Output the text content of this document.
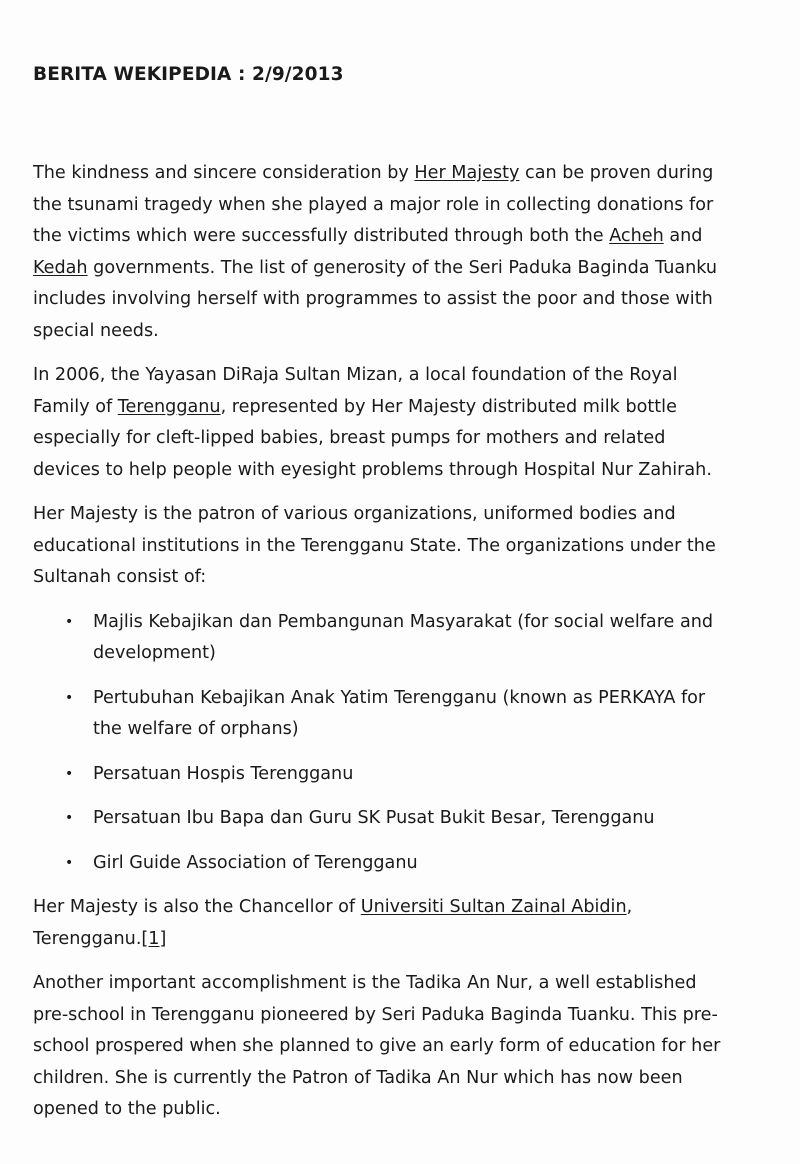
BERITA WEKIPEDIA : 2/9/2013

The kindness and sincere consideration by Her Majesty can be proven during the tsunami tragedy when she played a major role in collecting donations for the victims which were successfully distributed through both the Acheh and Kedah governments. The list of generosity of the Seri Paduka Baginda Tuanku includes involving herself with programmes to assist the poor and those with special needs.

In 2006, the Yayasan DiRaja Sultan Mizan, a local foundation of the Royal Family of Terengganu, represented by Her Majesty distributed milk bottle especially for cleft-lipped babies, breast pumps for mothers and related devices to help people with eyesight problems through Hospital Nur Zahirah.

Her Majesty is the patron of various organizations, uniformed bodies and educational institutions in the Terengganu State. The organizations under the Sultanah consist of:

• Majlis Kebajikan dan Pembangunan Masyarakat (for social welfare and development)
• Pertubuhan Kebajikan Anak Yatim Terengganu (known as PERKAYA for the welfare of orphans)
• Persatuan Hospis Terengganu
• Persatuan Ibu Bapa dan Guru SK Pusat Bukit Besar, Terengganu
• Girl Guide Association of Terengganu

Her Majesty is also the Chancellor of Universiti Sultan Zainal Abidin, Terengganu.[1]

Another important accomplishment is the Tadika An Nur, a well established pre-school in Terengganu pioneered by Seri Paduka Baginda Tuanku. This pre-school prospered when she planned to give an early form of education for her children. She is currently the Patron of Tadika An Nur which has now been opened to the public.
